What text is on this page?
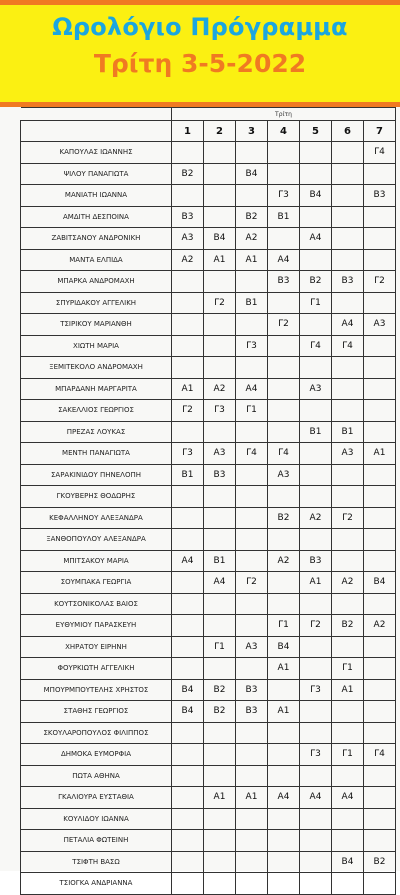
Ωρολόγιο Πρόγραμμα
Τρίτη 3-5-2022
	Τρίτη						
	1	2	3	4	5	6	7
ΚΑΠΟΥΛΑΣ ΙΩΑΝΝΗΣ							Γ4
ΨΙΛΟΥ ΠΑΝΑΓΙΩΤΑ	Β2		Β4				
ΜΑΝΙΑΤΗ ΙΩΑΝΝΑ				Γ3	Β4		Β3
ΑΜΔΙΤΗ ΔΕΣΠΟΙΝΑ	Β3		Β2	Β1			
ΖΑΒΙΤΣΑΝΟΥ ΑΝΔΡΟΝΙΚΗ	Α3	Β4	Α2		Α4		
ΜΑΝΤΑ ΕΛΠΙΔΑ	Α2	Α1	Α1	Α4			
ΜΠΑΡΚΑ ΑΝΔΡΟΜΑΧΗ				Β3	Β2	Β3	Γ2
ΣΠΥΡΙΔΑΚΟΥ ΑΓΓΕΛΙΚΗ		Γ2	Β1		Γ1		
ΤΣΙΡΙΚΟΥ ΜΑΡΙΑΝΘΗ				Γ2		Α4	Α3
ΧΙΩΤΗ ΜΑΡΙΑ			Γ3		Γ4	Γ4	
ΞΕΜΙΤΕΚΟΛΟ ΑΝΔΡΟΜΑΧΗ							
ΜΠΑΡΔΑΝΗ ΜΑΡΓΑΡΙΤΑ	Α1	Α2	Α4		Α3		
ΣΑΚΕΛΛΙΟΣ ΓΕΩΡΓΙΟΣ	Γ2	Γ3	Γ1				
ΠΡΕΖΑΣ ΛΟΥΚΑΣ					Β1	Β1	
ΜΕΝΤΗ ΠΑΝΑΓΙΩΤΑ	Γ3	Α3	Γ4	Γ4		Α3	Α1
ΣΑΡΑΚΙΝΙΔΟΥ ΠΗΝΕΛΟΠΗ	Β1	Β3		Α3			
ΓΚΟΥΒΕΡΗΣ ΘΟΔΩΡΗΣ							
ΚΕΦΑΛΛΗΝΟΥ ΑΛΕΞΑΝΔΡΑ				Β2	Α2	Γ2	
ΞΑΝΘΟΠΟΥΛΟΥ ΑΛΕΞΑΝΔΡΑ							
ΜΠΙΤΣΑΚΟΥ ΜΑΡΙΑ	Α4	Β1		Α2	Β3		
ΣΟΥΜΠΑΚΑ ΓΕΩΡΓΙΑ		Α4	Γ2		Α1	Α2	Β4
ΚΟΥΤΣΟΝΙΚΟΛΑΣ ΒΑΙΟΣ							
ΕΥΘΥΜΙΟΥ ΠΑΡΑΣΚΕΥΗ				Γ1	Γ2	Β2	Α2
ΧΗΡΑΤΟΥ ΕΙΡΗΝΗ		Γ1	Α3	Β4			
ΦΟΥΡΚΙΩΤΗ ΑΓΓΕΛΙΚΗ				Α1		Γ1	
ΜΠΟΥΡΜΠΟΥΤΕΛΗΣ ΧΡΗΣΤΟΣ	Β4	Β2	Β3		Γ3	Α1	
ΣΤΑΘΗΣ ΓΕΩΡΓΙΟΣ	Β4	Β2	Β3	Α1			
ΣΚΟΥΛΑΡΟΠΟΥΛΟΣ ΦΙΛΙΠΠΟΣ							
ΔΗΜΟΚΑ ΕΥΜΟΡΦΙΑ					Γ3	Γ1	Γ4
ΠΩΤΑ ΑΘΗΝΑ							
ΓΚΑΛΙΟΥΡΑ ΕΥΣΤΑΘΙΑ		Α1	Α1	Α4	Α4	Α4	
ΚΟΥΛΙΔΟΥ ΙΩΑΝΝΑ							
ΠΕΤΑΛΙΑ ΦΩΤΕΙΝΗ							
ΤΣΙΦΤΗ ΒΑΣΩ						Β4	Β2
ΤΣΙΟΓΚΑ ΑΝΔΡΙΑΝΝΑ							
